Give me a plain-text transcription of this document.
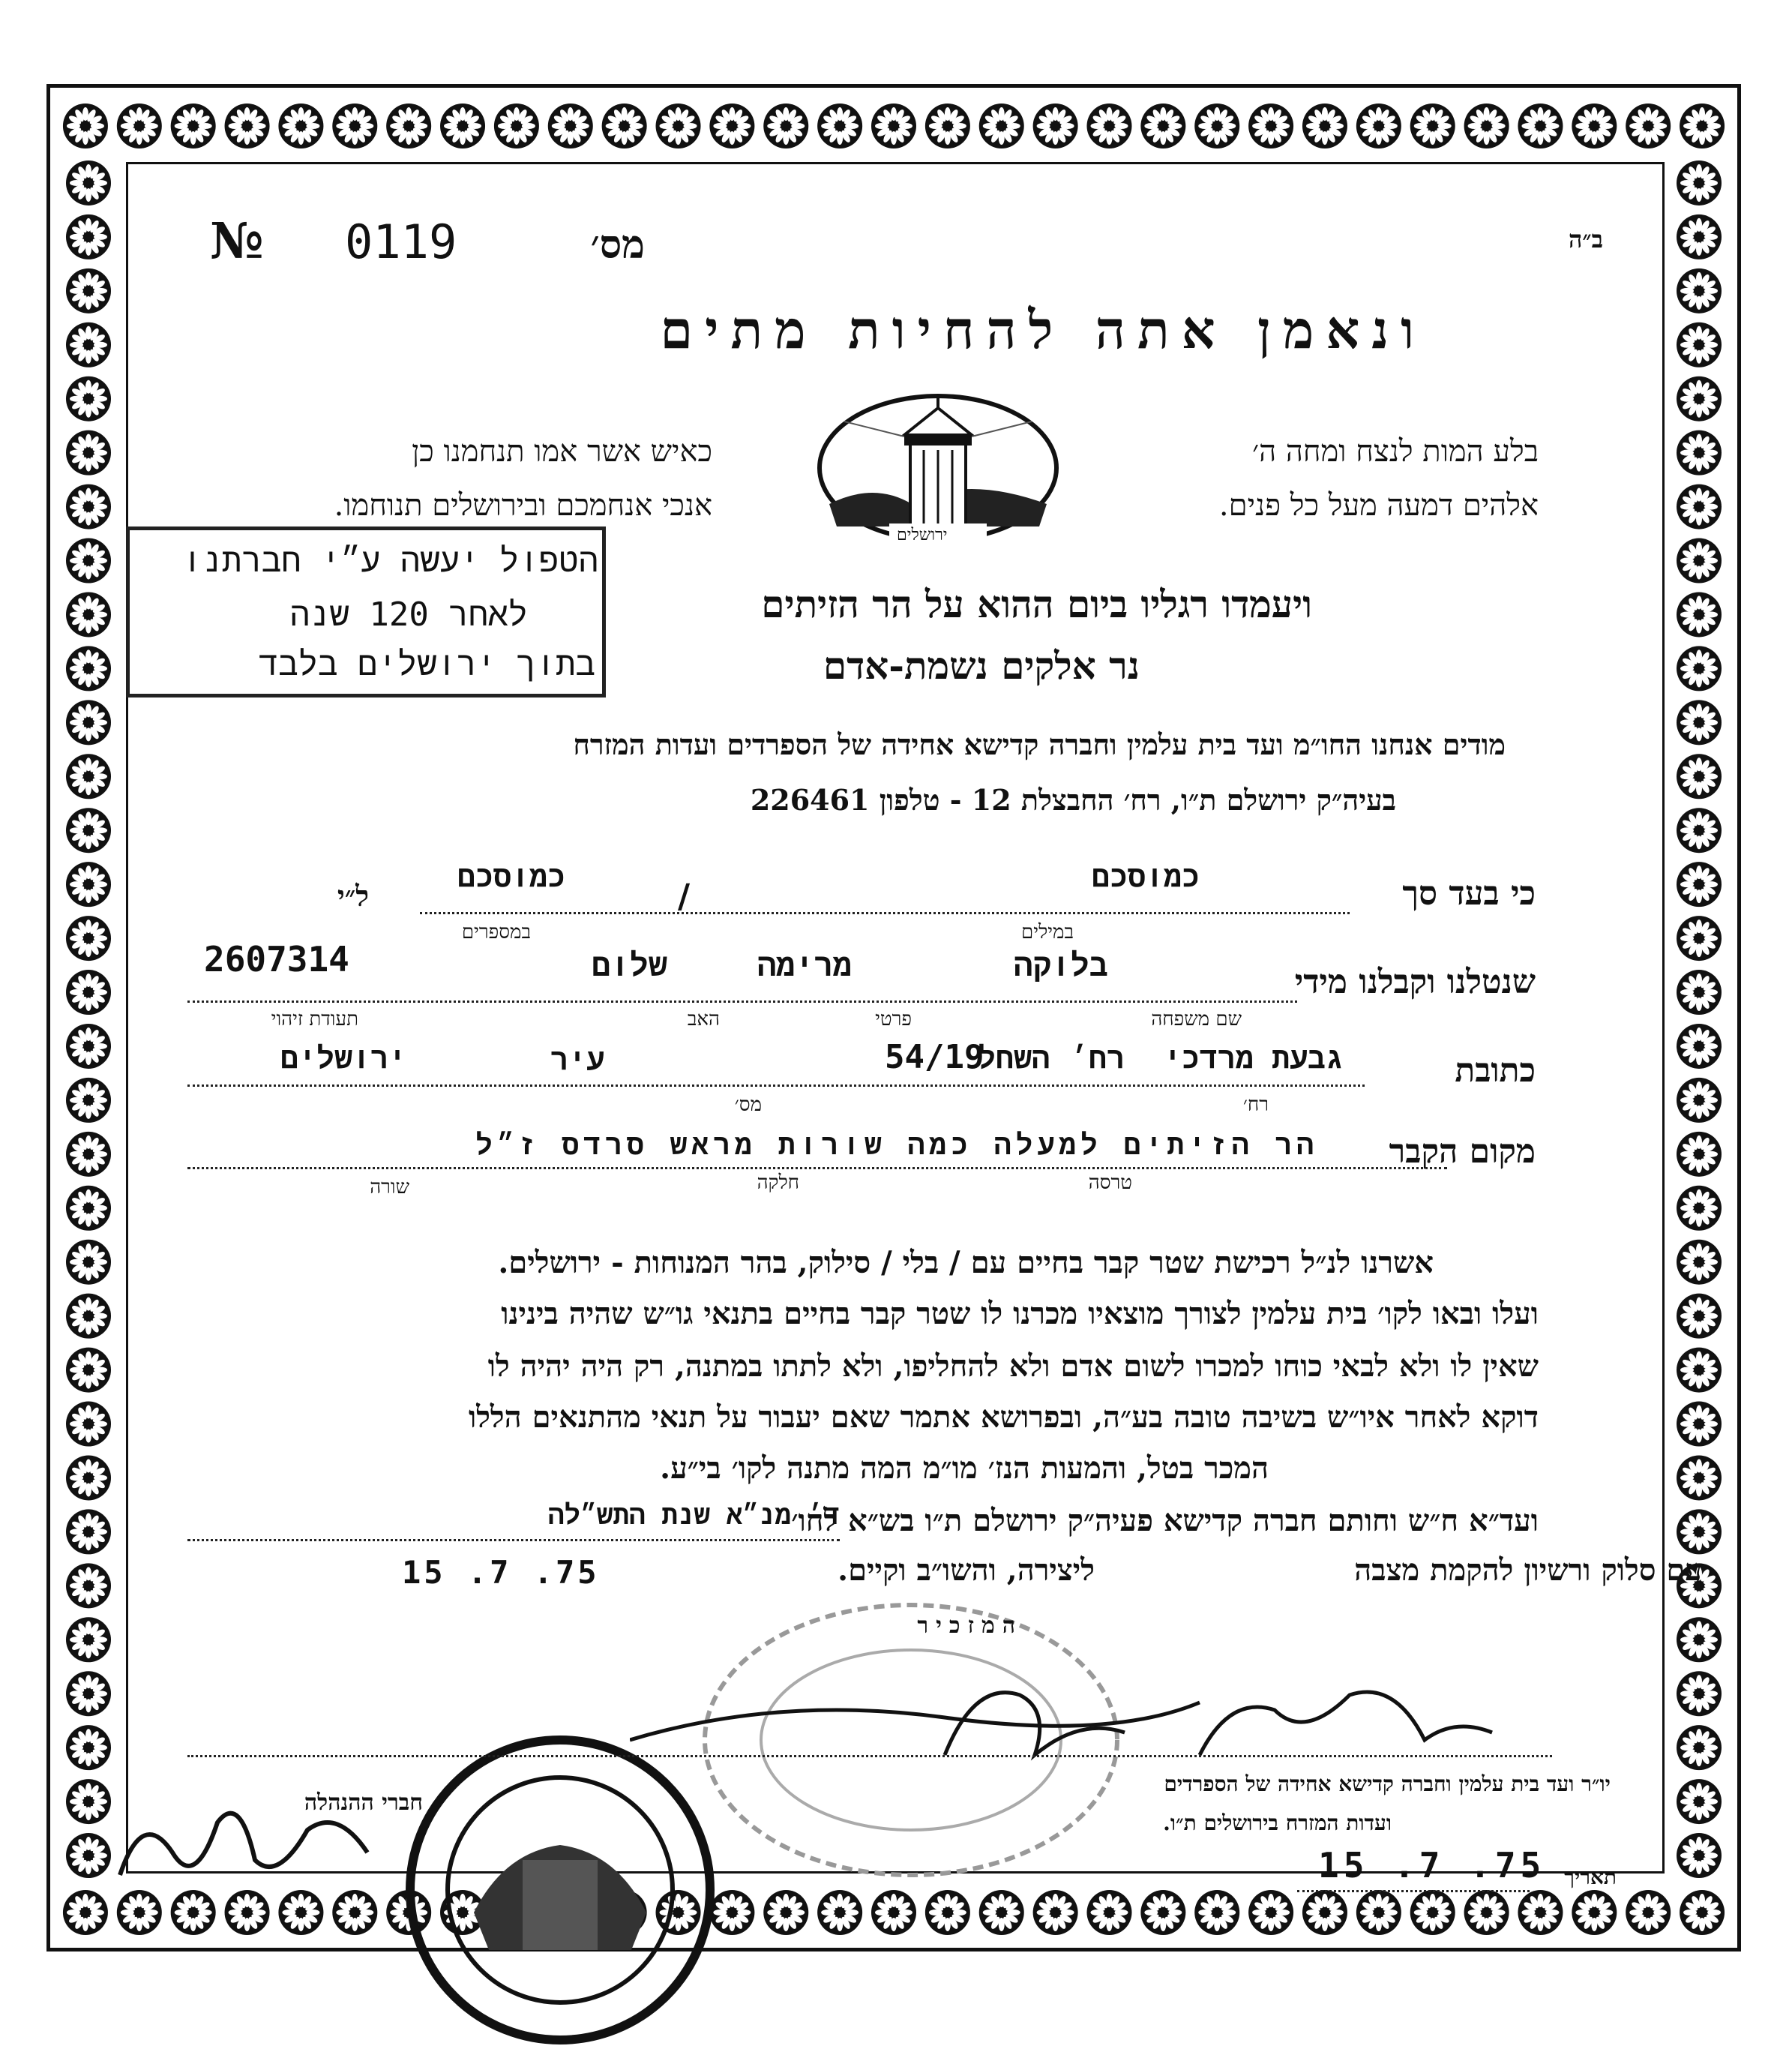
ב״ה
№ 0119	מס׳
ונאמן אתה להחיות מתים
בלע המות לנצח ומחה ה׳
אלהים דמעה מעל כל פנים.
כאיש אשר אמו תנחמנו כן
אנכי אנחמכם ובירושלים תנוחמו.
ירושלים
הטפול יעשה ע״י חברתנו
לאחר 120 שנה
בתוך ירושלים בלבד
ויעמדו רגליו ביום ההוא על הר הזיתים
נר אלקים נשמת-אדם
מודים אנחנו החו״מ ועד בית עלמין וחברה קדישא אחידה של הספרדים ועדות המזרח
בעיה״ק ירושלם ת״ו, רח׳ החבצלת 12 - טלפון 226461
כי בעד סך
כמוסכם
/
כמוסכם
ל״י
במילים
במספרים
שנטלנו וקבלנו מידי
בלוקה
מרימה
שלום
2607314
שם משפחה
פרטי
האב
תעודת זיהוי
כתובת
גבעת מרדכי
רח׳
השחל
54/19
עיר
ירושלים
רח׳
מס׳
מקום הקבר
הר הזיתים למעלה כמה שורות מראש סרדס ז״ל
טרסה
חלקה
שורה
אשרנו לנ״ל רכישת שטר קבר בחיים עם / בלי / סילוק, בהר המנוחות - ירושלים.
ועלו ובאו לקו׳ בית עלמין לצורך מוצאיו מכרנו לו שטר קבר בחיים בתנאי גו״ש שהיה בינינו
שאין לו ולא לבאי כוחו למכרו לשום אדם ולא להחליפו, ולא לתתו במתנה, רק היה יהיה לו
דוקא לאחר איו״ש בשיבה טובה בע״ה, ובפרושא אתמר שאם יעבור על תנאי מהתנאים הללו
המכר בטל, והמעות הנז׳ מו״מ המה מתנה לקו׳ בי״ע.
ועד״א ח״ש וחותם חברה קדישא פעיה״ק ירושלם ת״ו בש״א לחו׳
ד׳ מנ״א שנת התש״לה
עם סלוק ורשיון להקמת מצבה
ליצירה, והשו״ב וקיים.
15 .7 .75
המזכיר
חברי ההנהלה
יו״ר ועד בית עלמין וחברה קדישא אחידה של הספרדים
ועדות המזרח בירושלים ת״ו.
תאריך
15 .7 .75
